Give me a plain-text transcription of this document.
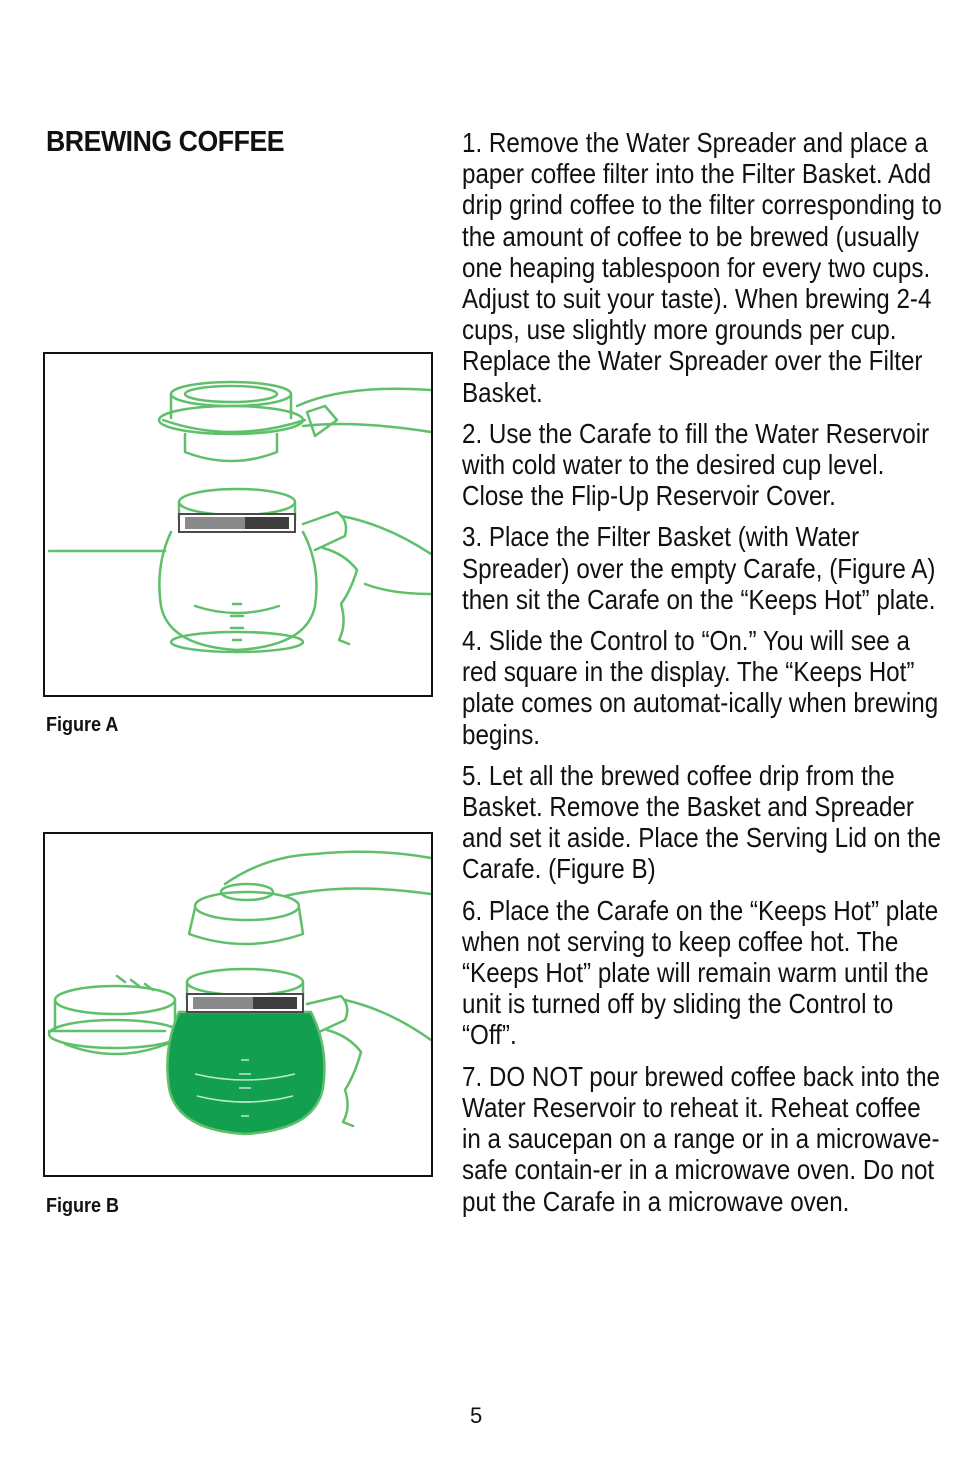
BREWING COFFEE
Figure A
Figure B

1. Remove the Water Spreader and place a paper coffee filter into the Filter Basket. Add drip grind coffee to the filter corresponding to the amount of coffee to be brewed (usually one heaping tablespoon for every two cups. Adjust to suit your taste). When brewing 2-4 cups, use slightly more grounds per cup. Replace the Water Spreader over the Filter Basket.

2. Use the Carafe to fill the Water Reservoir with cold water to the desired cup level. Close the Flip-Up Reservoir Cover.

3. Place the Filter Basket (with Water Spreader) over the empty Carafe, (Figure A) then sit the Carafe on the “Keeps Hot” plate.

4. Slide the Control to “On.” You will see a red square in the display. The “Keeps Hot” plate comes on automat-ically when brewing begins.

5. Let all the brewed coffee drip from the Basket. Remove the Basket and Spreader and set it aside. Place the Serving Lid on the Carafe. (Figure B)

6. Place the Carafe on the “Keeps Hot” plate when not serving to keep coffee hot. The “Keeps Hot” plate will remain warm until the unit is turned off by sliding the Control to “Off”.

7. DO NOT pour brewed coffee back into the Water Reservoir to reheat it. Reheat coffee in a saucepan on a range or in a microwave-safe contain-er in a microwave oven. Do not put the Carafe in a microwave oven.

5
